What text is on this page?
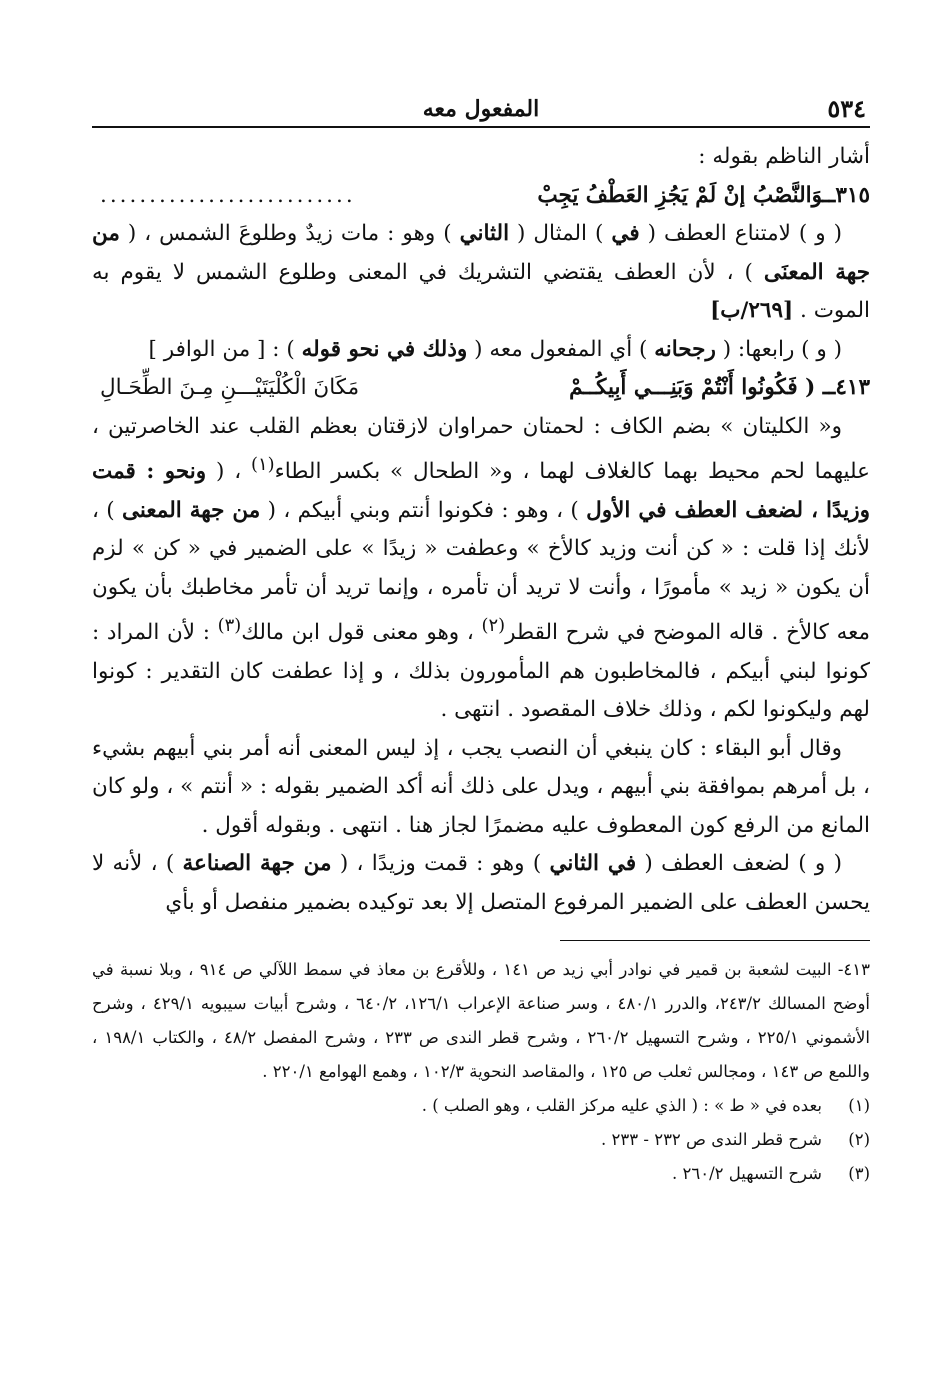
٥٣٤
المفعول معه

أشار الناظم بقوله :

٣١٥ــوَالنَّصْبُ إنْ لَمْ يَجُزِ العَطْفُ يَجِبْ
..........................

( و ) لامتناع العطف ( في ) المثال ( الثاني ) وهو : مات زيدٌ وطلوعَ الشمس ، ( من جهة المعنَى ) ، لأن العطف يقتضي التشريك في المعنى وطلوع الشمس لا يقوم به الموت . [٢٦٩/ب]

( و ) رابعها: ( رجحانه ) أي المفعول معه ( وذلك في نحو قوله ) : [ من الوافر ]

٤١٣ــ ( فَكُونُوا أَنْتُمْ وَبَنِـــي أَبِيكُــمْ
مَكَانَ الْكُلْيَتَيْـــنِ مِـنَ الطِّحَـالِ

و« الكليتان » بضم الكاف : لحمتان حمراوان لازقتان بعظم القلب عند الخاصرتين ، عليهما لحم محيط بهما كالغلاف لهما ، و« الطحال » بكسر الطاء$^{(١)}$ ، ( ونحو : قمت وزيدًا ، لضعف العطف في الأول ) ، وهو : فكونوا أنتم وبني أبيكم ، ( من جهة المعنى ) ، لأنك إذا قلت : « كن أنت وزيد كالأخ » وعطفت « زيدًا » على الضمير في « كن » لزم أن يكون « زيد » مأمورًا ، وأنت لا تريد أن تأمره ، وإنما تريد أن تأمر مخاطبك بأن يكون معه كالأخ . قاله الموضح في شرح القطر$^{(٢)}$ ، وهو معنى قول ابن مالك$^{(٣)}$ : لأن المراد : كونوا لبني أبيكم ، فالمخاطبون هم المأمورون بذلك ، و إذا عطفت كان التقدير : كونوا لهم وليكونوا لكم ، وذلك خلاف المقصود . انتهى .

وقال أبو البقاء : كان ينبغي أن النصب يجب ، إذ ليس المعنى أنه أمر بني أبيهم بشيء ، بل أمرهم بموافقة بني أبيهم ، ويدل على ذلك أنه أكد الضمير بقوله : « أنتم » ، ولو كان المانع من الرفع كون المعطوف عليه مضمرًا لجاز هنا . انتهى . وبقوله أقول .

( و ) لضعف العطف ( في الثاني ) وهو : قمت وزيدًا ، ( من جهة الصناعة ) ، لأنه لا يحسن العطف على الضمير المرفوع المتصل إلا بعد توكيده بضمير منفصل أو بأي

٤١٣- البيت لشعبة بن قمير في نوادر أبي زيد ص ١٤١ ، وللأقرع بن معاذ في سمط اللآلي ص ٩١٤ ، وبلا نسبة في أوضح المسالك ٢٤٣/٢، والدرر ٤٨٠/١ ، وسر صناعة الإعراب ١٢٦/١، ٦٤٠/٢ ، وشرح أبيات سيبويه ٤٢٩/١ ، وشرح الأشموني ٢٢٥/١ ، وشرح التسهيل ٢٦٠/٢ ، وشرح قطر الندى ص ٢٣٣ ، وشرح المفصل ٤٨/٢ ، والكتاب ١٩٨/١ ، واللمع ص ١٤٣ ، ومجالس ثعلب ص ١٢٥ ، والمقاصد النحوية ١٠٢/٣ ، وهمع الهوامع ٢٢٠/١ .

(١)بعده في « ط » : ( الذي عليه مركز القلب ، وهو الصلب ) .

(٢)شرح قطر الندى ص ٢٣٢ - ٢٣٣ .

(٣)شرح التسهيل ٢٦٠/٢ .
